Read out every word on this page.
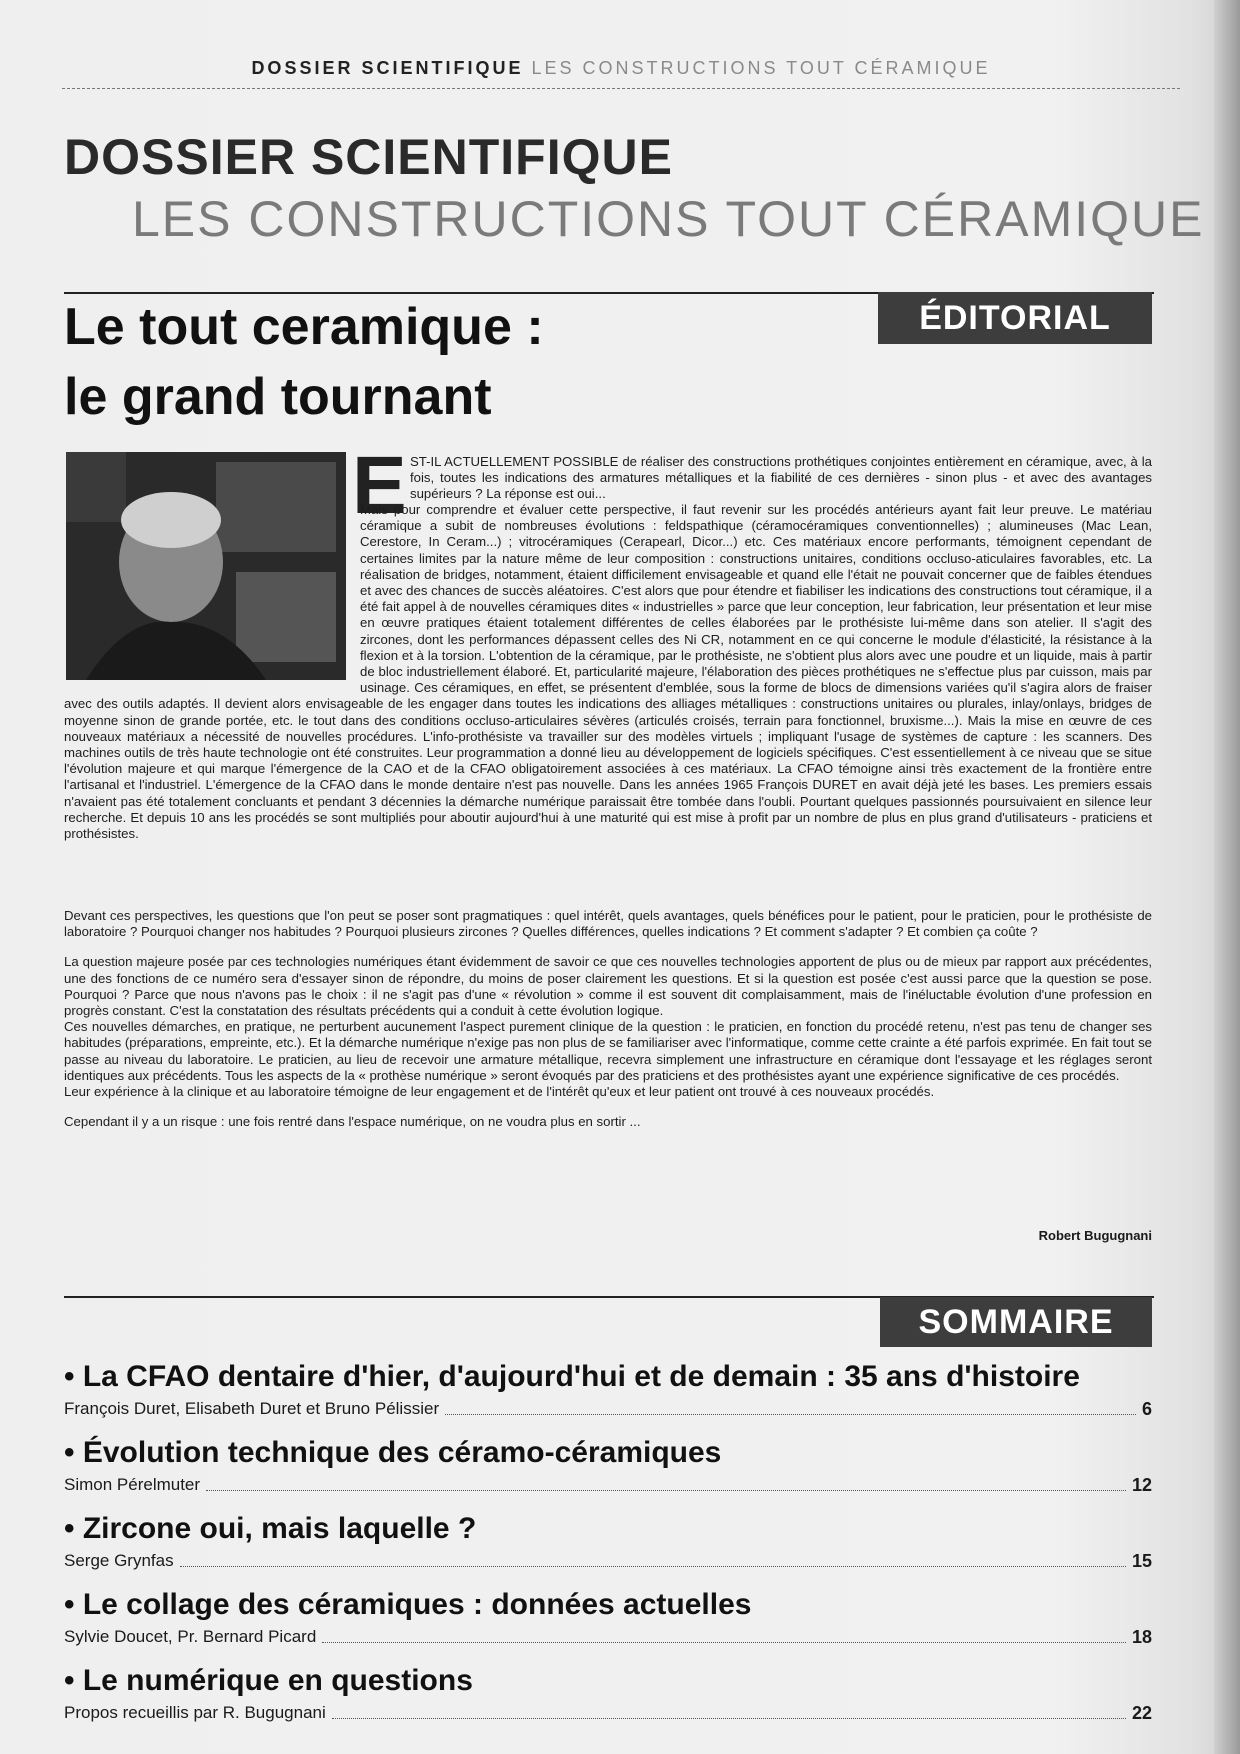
DOSSIER SCIENTIFIQUE LES CONSTRUCTIONS TOUT CÉRAMIQUE
DOSSIER SCIENTIFIQUE
LES CONSTRUCTIONS TOUT CÉRAMIQUE
Le tout ceramique :
le grand tournant
ÉDITORIAL
E ST-IL ACTUELLEMENT POSSIBLE de réaliser des constructions prothétiques conjointes entièrement en céramique, avec, à la fois, toutes les indications des armatures métalliques et la fiabilité de ces dernières - sinon plus - et avec des avantages supérieurs ? La réponse est oui...
Mais pour comprendre et évaluer cette perspective, il faut revenir sur les procédés antérieurs ayant fait leur preuve. Le matériau céramique a subit de nombreuses évolutions : feldspathique (céramocéramiques conventionnelles) ; alumineuses (Mac Lean, Cerestore, In Ceram...) ; vitrocéramiques (Cerapearl, Dicor...) etc. Ces matériaux encore performants, témoignent cependant de certaines limites par la nature même de leur composition : constructions unitaires, conditions occluso-aticulaires favorables, etc. La réalisation de bridges, notamment, étaient difficilement envisageable et quand elle l'était ne pouvait concerner que de faibles étendues et avec des chances de succès aléatoires. C'est alors que pour étendre et fiabiliser les indications des constructions tout céramique, il a été fait appel à de nouvelles céramiques dites « industrielles » parce que leur conception, leur fabrication, leur présentation et leur mise en œuvre pratiques étaient totalement différentes de celles élaborées par le prothésiste lui-même dans son atelier. Il s'agit des zircones, dont les performances dépassent celles des Ni CR, notamment en ce qui concerne le module d'élasticité, la résistance à la flexion et à la torsion. L'obtention de la céramique, par le prothésiste, ne s'obtient plus alors avec une poudre et un liquide, mais à partir de bloc industriellement élaboré. Et, particularité majeure, l'élaboration des pièces prothétiques ne s'effectue plus par cuisson, mais par usinage. Ces céramiques, en effet, se présentent d'emblée, sous la forme de blocs de dimensions variées qu'il s'agira alors de fraiser avec des outils adaptés. Il devient alors envisageable de les engager dans toutes les indications des alliages métalliques : constructions unitaires ou plurales, inlay/onlays, bridges de moyenne sinon de grande portée, etc. le tout dans des conditions occluso-articulaires sévères (articulés croisés, terrain para fonctionnel, bruxisme...). Mais la mise en œuvre de ces nouveaux matériaux a nécessité de nouvelles procédures. L'info-prothésiste va travailler sur des modèles virtuels ; impliquant l'usage de systèmes de capture : les scanners. Des machines outils de très haute technologie ont été construites. Leur programmation a donné lieu au développement de logiciels spécifiques. C'est essentiellement à ce niveau que se situe l'évolution majeure et qui marque l'émergence de la CAO et de la CFAO obligatoirement associées à ces matériaux. La CFAO témoigne ainsi très exactement de la frontière entre l'artisanal et l'industriel. L'émergence de la CFAO dans le monde dentaire n'est pas nouvelle. Dans les années 1965 François DURET en avait déjà jeté les bases. Les premiers essais n'avaient pas été totalement concluants et pendant 3 décennies la démarche numérique paraissait être tombée dans l'oubli. Pourtant quelques passionnés poursuivaient en silence leur recherche. Et depuis 10 ans les procédés se sont multipliés pour aboutir aujourd'hui à une maturité qui est mise à profit par un nombre de plus en plus grand d'utilisateurs - praticiens et prothésistes.

Devant ces perspectives, les questions que l'on peut se poser sont pragmatiques : quel intérêt, quels avantages, quels bénéfices pour le patient, pour le praticien, pour le prothésiste de laboratoire ? Pourquoi changer nos habitudes ? Pourquoi plusieurs zircones ? Quelles différences, quelles indications ? Et comment s'adapter ? Et combien ça coûte ?

La question majeure posée par ces technologies numériques étant évidemment de savoir ce que ces nouvelles technologies apportent de plus ou de mieux par rapport aux précédentes, une des fonctions de ce numéro sera d'essayer sinon de répondre, du moins de poser clairement les questions. Et si la question est posée c'est aussi parce que la question se pose. Pourquoi ? Parce que nous n'avons pas le choix : il ne s'agit pas d'une « révolution » comme il est souvent dit complaisamment, mais de l'inéluctable évolution d'une profession en progrès constant. C'est la constatation des résultats précédents qui a conduit à cette évolution logique.

Ces nouvelles démarches, en pratique, ne perturbent aucunement l'aspect purement clinique de la question : le praticien, en fonction du procédé retenu, n'est pas tenu de changer ses habitudes (préparations, empreinte, etc.). Et la démarche numérique n'exige pas non plus de se familiariser avec l'informatique, comme cette crainte a été parfois exprimée. En fait tout se passe au niveau du laboratoire. Le praticien, au lieu de recevoir une armature métallique, recevra simplement une infrastructure en céramique dont l'essayage et les réglages seront identiques aux précédents. Tous les aspects de la « prothèse numérique » seront évoqués par des praticiens et des prothésistes ayant une expérience significative de ces procédés.

Leur expérience à la clinique et au laboratoire témoigne de leur engagement et de l'intérêt qu'eux et leur patient ont trouvé à ces nouveaux procédés.

Cependant il y a un risque : une fois rentré dans l'espace numérique, on ne voudra plus en sortir ...

Robert Bugugnani
SOMMAIRE
• La CFAO dentaire d'hier, d'aujourd'hui et de demain : 35 ans d'histoire
François Duret, Elisabeth Duret et Bruno Pélissier	6
• Évolution technique des céramo-céramiques
Simon Pérelmuter	12
• Zircone oui, mais laquelle ?
Serge Grynfas	15
• Le collage des céramiques : données actuelles
Sylvie Doucet, Pr. Bernard Picard	18
• Le numérique en questions
Propos recueillis par R. Bugugnani	22
